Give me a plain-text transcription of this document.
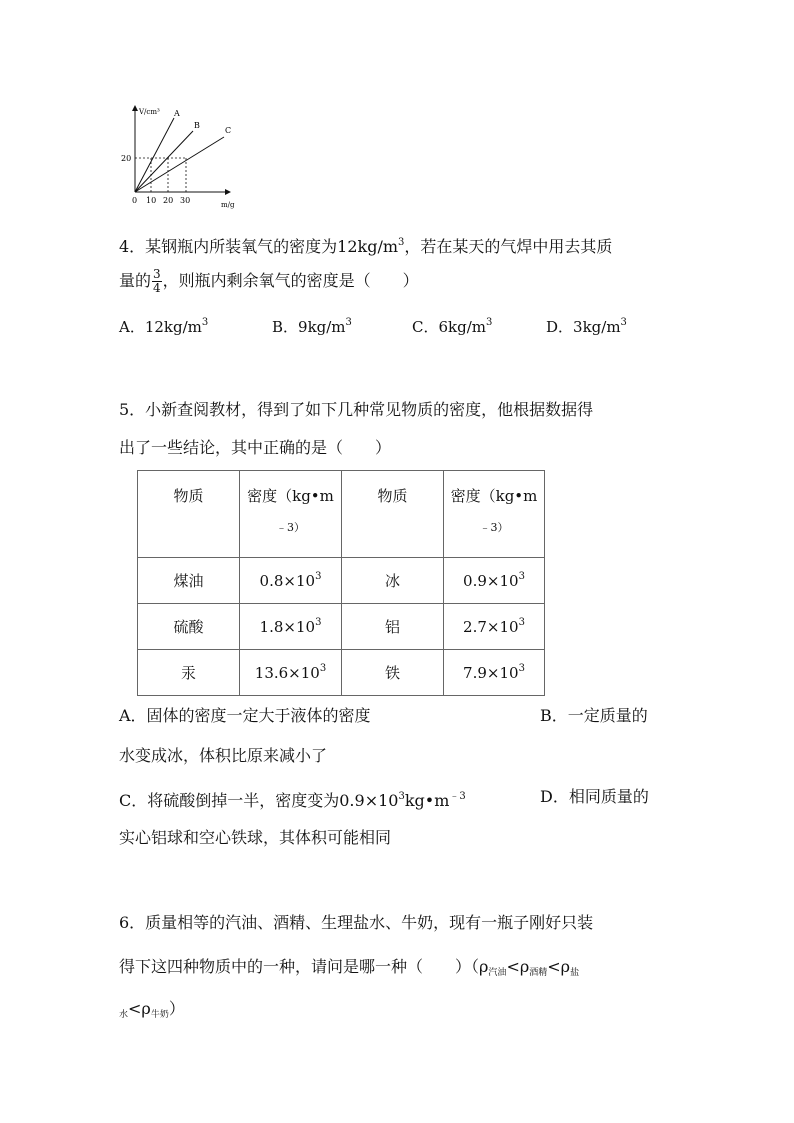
V/cm³
m/g
20
0 10 20 30
A
B
C
4．某钢瓶内所装氧气的密度为$12kg/m^3$，若在某天的气焊中用去其质
量的 $\frac{3}{4}$ ，则瓶内剩余氧气的密度是（　　）
A．$12kg/m^3$	B．$9kg/m^3$	C．$6kg/m^3$	D．$3kg/m^3$
5．小新查阅教材，得到了如下几种常见物质的密度，他根据数据得
出了一些结论，其中正确的是（　　）
物质	密度（kg•m
﹣3）	物质	密度（kg•m
﹣3）

煤油	$0.8\times 10^3$	冰	$0.9\times 10^3$
硫酸	$1.8\times 10^3$	铝	$2.7\times 10^3$
汞	$13.6\times 10^3$	铁	$7.9\times 10^3$
A．固体的密度一定大于液体的密度	B．一定质量的
水变成冰，体积比原来减小了
C．将硫酸倒掉一半，密度变为$0.9\times 10^3kg•m^{﹣3}$	D．相同质量的
实心铝球和空心铁球，其体积可能相同
6．质量相等的汽油、酒精、生理盐水、牛奶，现有一瓶子刚好只装
得下这四种物质中的一种，请问是哪一种（　　）（$\rho_{汽油}<\rho_{酒精}<\rho_盐$
$_水<\rho_{牛奶}$）
